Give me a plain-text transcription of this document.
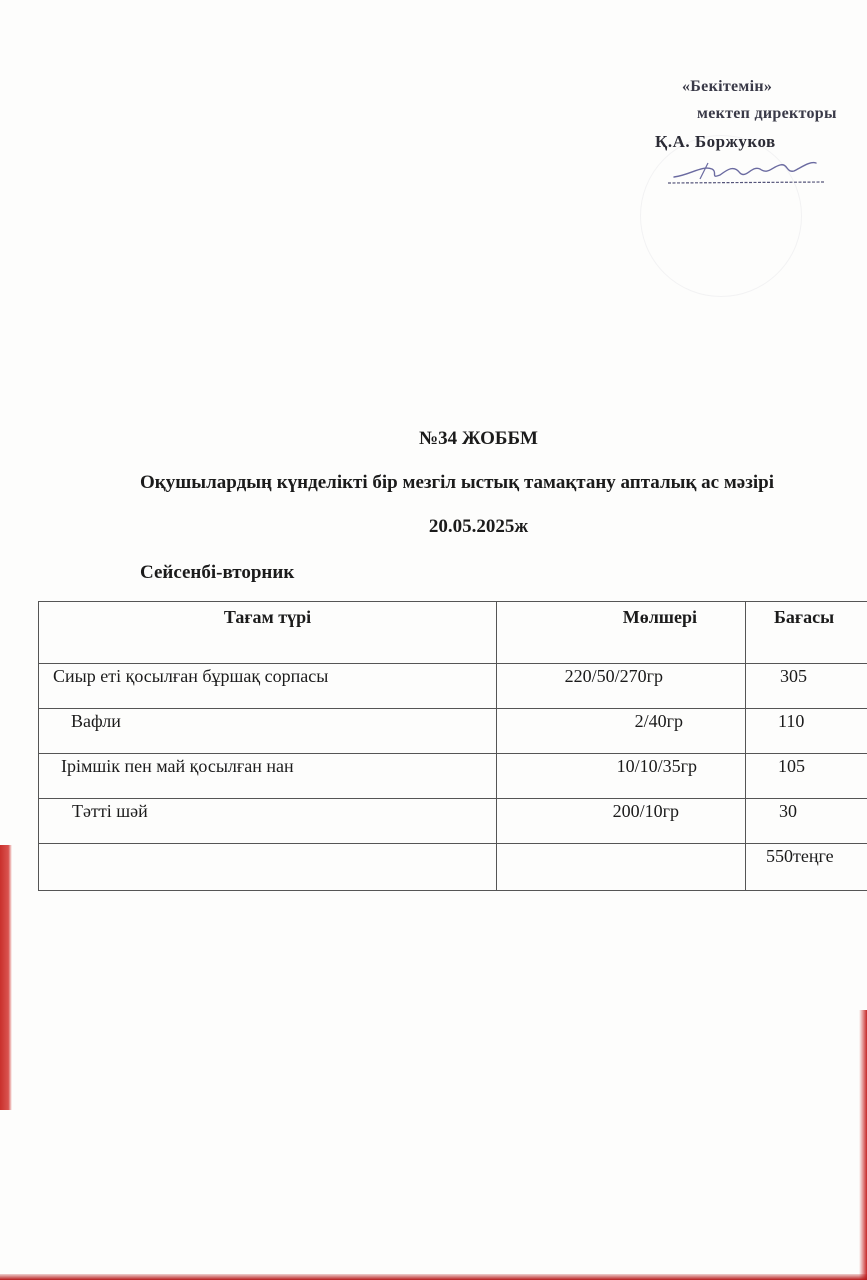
«Бекітемін»
мектеп директоры
Қ.А. Боржуков
№34 ЖОББМ
Оқушылардың күнделікті бір мезгіл ыстық тамақтану апталық ас мәзірі
20.05.2025ж
Сейсенбі-вторник
Тағам түрі	Мөлшері	Бағасы
Сиыр еті қосылған бұршақ сорпасы	220/50/270гр	305
Вафли	2/40гр	110
Ірімшік пен май қосылған нан	10/10/35гр	105
Тәтті шәй	200/10гр	30
		550теңге
